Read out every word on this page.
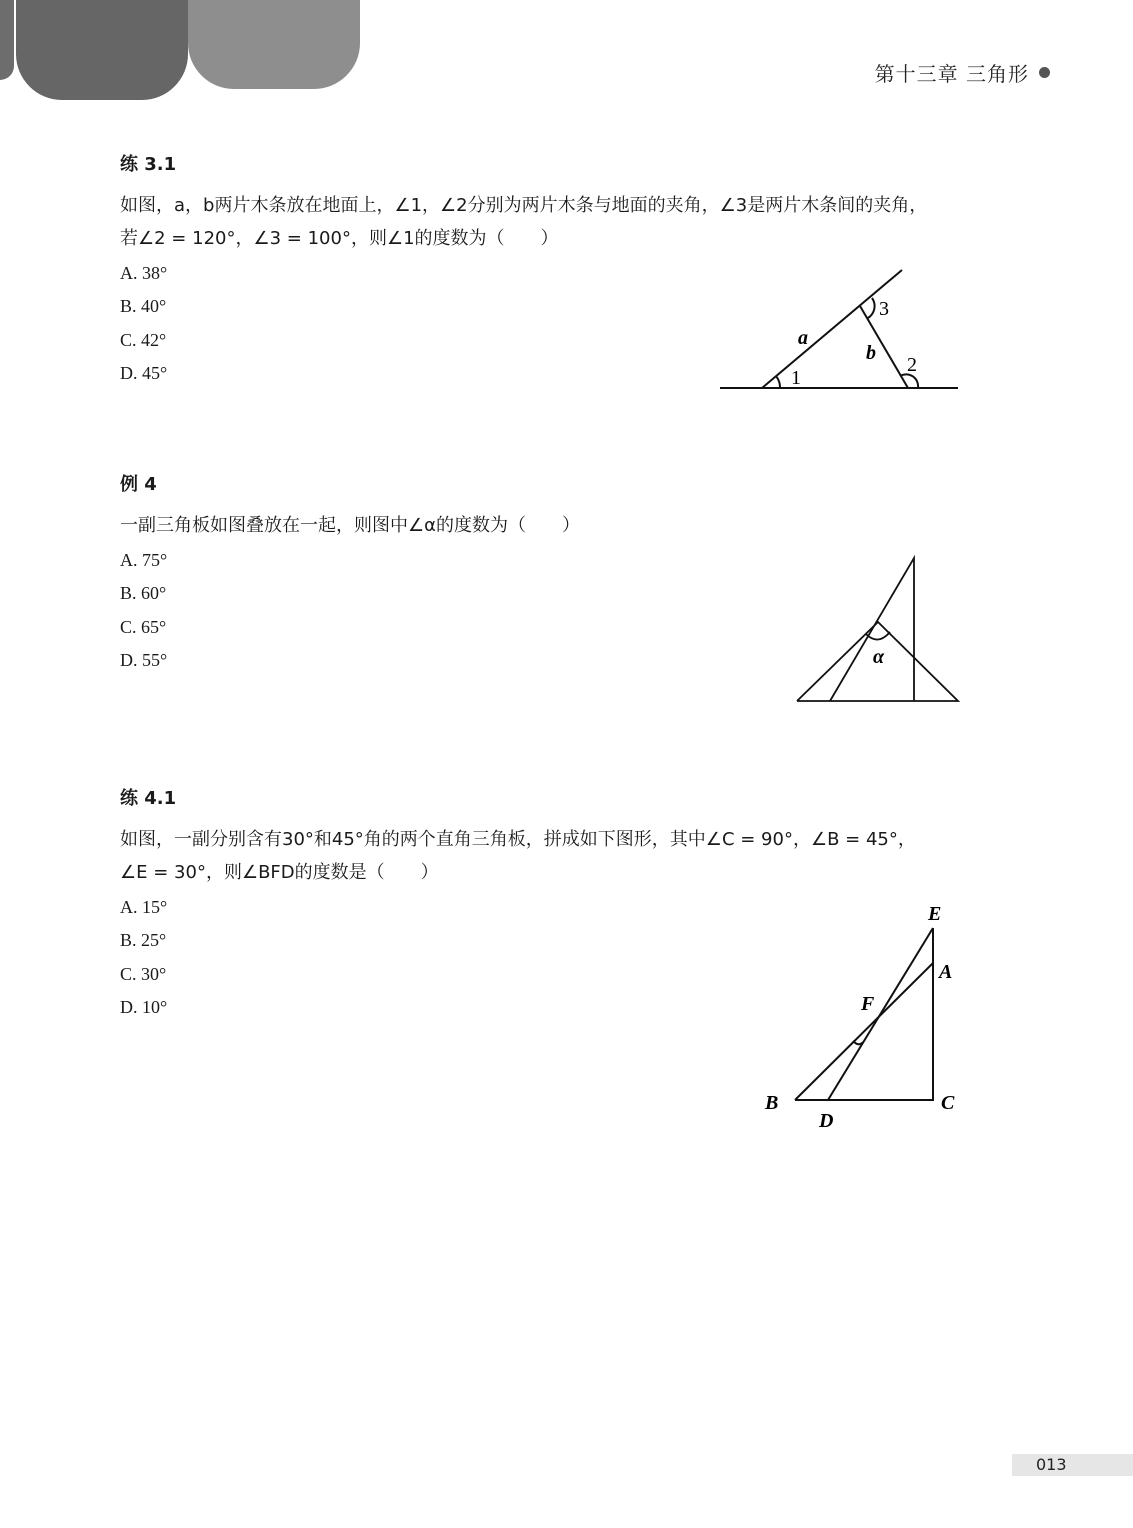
第十三章 三角形
练 3.1

如图，a，b两片木条放在地面上，∠1，∠2分别为两片木条与地面的夹角，∠3是两片木条间的夹角，

若∠2 = 120°，∠3 = 100°，则∠1的度数为（　　）

A. 38°
B. 40°
C. 42°
D. 45°
a
b
1
2
3
例 4

一副三角板如图叠放在一起，则图中∠α的度数为（　　）

A. 75°
B. 60°
C. 65°
D. 55°	α
练 4.1

如图，一副分别含有30°和45°角的两个直角三角板，拼成如下图形，其中∠C = 90°，∠B = 45°，

∠E = 30°，则∠BFD的度数是（　　）

A. 15°
B. 25°
C. 30°
D. 10°
E
A
F
B	C
D
013
